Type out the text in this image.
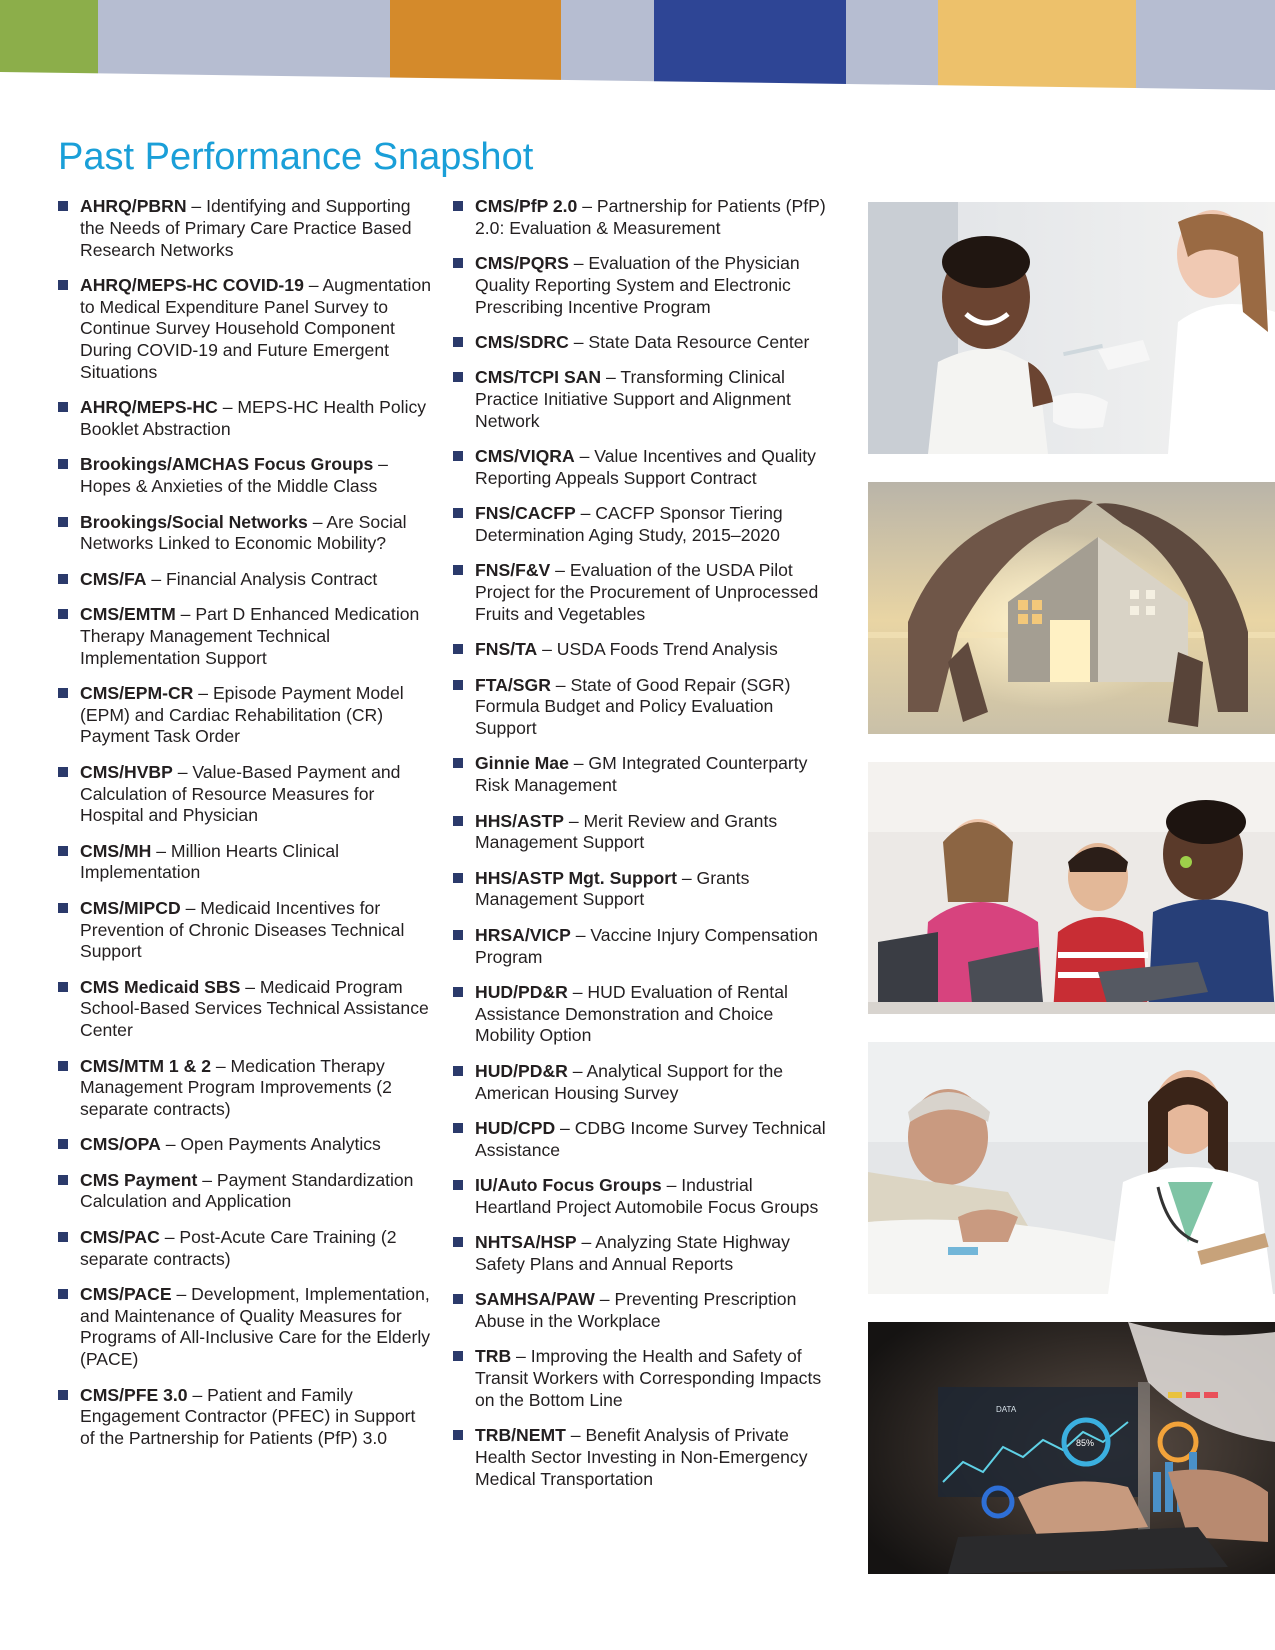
Past Performance Snapshot
AHRQ/PBRN – Identifying and Supporting the Needs of Primary Care Practice Based Research Networks
AHRQ/MEPS-HC COVID-19 – Augmentation to Medical Expenditure Panel Survey to Continue Survey Household Component During COVID-19 and Future Emergent Situations
AHRQ/MEPS-HC – MEPS-HC Health Policy Booklet Abstraction
Brookings/AMCHAS Focus Groups – Hopes & Anxieties of the Middle Class
Brookings/Social Networks – Are Social Networks Linked to Economic Mobility?
CMS/FA – Financial Analysis Contract
CMS/EMTM – Part D Enhanced Medication Therapy Management Technical Implementation Support
CMS/EPM-CR – Episode Payment Model (EPM) and Cardiac Rehabilitation (CR) Payment Task Order
CMS/HVBP – Value-Based Payment and Calculation of Resource Measures for Hospital and Physician
CMS/MH – Million Hearts Clinical Implementation
CMS/MIPCD – Medicaid Incentives for Prevention of Chronic Diseases Technical Support
CMS Medicaid SBS – Medicaid Program School-Based Services Technical Assistance Center
CMS/MTM 1 & 2 – Medication Therapy Management Program Improvements (2 separate contracts)
CMS/OPA – Open Payments Analytics
CMS Payment – Payment Standardization Calculation and Application
CMS/PAC – Post-Acute Care Training (2 separate contracts)
CMS/PACE – Development, Implementation, and Maintenance of Quality Measures for Programs of All-Inclusive Care for the Elderly (PACE)
CMS/PFE 3.0 – Patient and Family Engagement Contractor (PFEC) in Support of the Partnership for Patients (PfP) 3.0
CMS/PfP 2.0 – Partnership for Patients (PfP) 2.0: Evaluation & Measurement
CMS/PQRS – Evaluation of the Physician Quality Reporting System and Electronic Prescribing Incentive Program
CMS/SDRC – State Data Resource Center
CMS/TCPI SAN – Transforming Clinical Practice Initiative Support and Alignment Network
CMS/VIQRA – Value Incentives and Quality Reporting Appeals Support Contract
FNS/CACFP – CACFP Sponsor Tiering Determination Aging Study, 2015–2020
FNS/F&V – Evaluation of the USDA Pilot Project for the Procurement of Unprocessed Fruits and Vegetables
FNS/TA – USDA Foods Trend Analysis
FTA/SGR – State of Good Repair (SGR) Formula Budget and Policy Evaluation Support
Ginnie Mae – GM Integrated Counterparty Risk Management
HHS/ASTP – Merit Review and Grants Management Support
HHS/ASTP Mgt. Support – Grants Management Support
HRSA/VICP – Vaccine Injury Compensation Program
HUD/PD&R – HUD Evaluation of Rental Assistance Demonstration and Choice Mobility Option
HUD/PD&R – Analytical Support for the American Housing Survey
HUD/CPD – CDBG Income Survey Technical Assistance
IU/Auto Focus Groups – Industrial Heartland Project Automobile Focus Groups
NHTSA/HSP – Analyzing State Highway Safety Plans and Annual Reports
SAMHSA/PAW – Preventing Prescription Abuse in the Workplace
TRB – Improving the Health and Safety of Transit Workers with Corresponding Impacts on the Bottom Line
TRB/NEMT – Benefit Analysis of Private Health Sector Investing in Non-Emergency Medical Transportation
DATA
85%
